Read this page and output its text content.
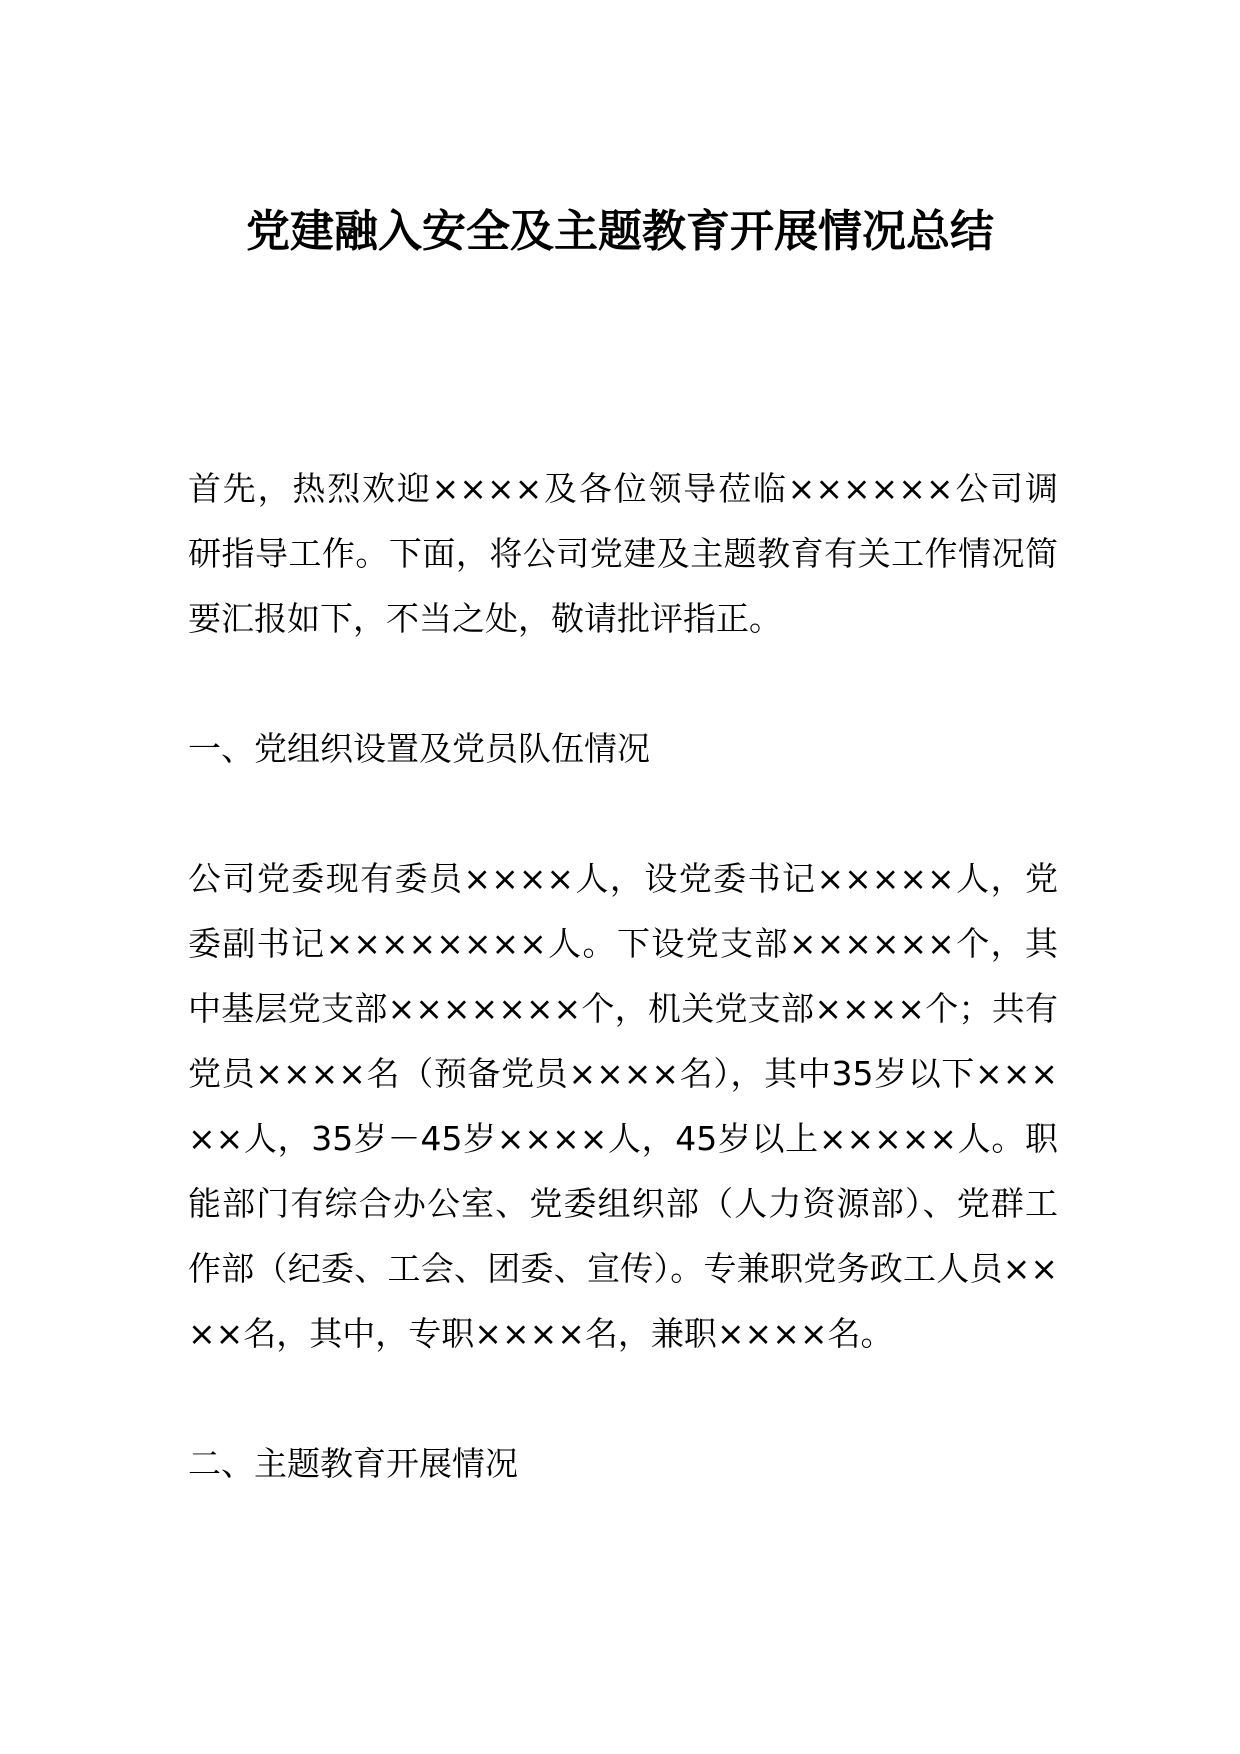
党建融入安全及主题教育开展情况总结

首先，热烈欢迎××××及各位领导莅临××××××公司调研指导工作。下面，将公司党建及主题教育有关工作情况简要汇报如下，不当之处，敬请批评指正。

一、党组织设置及党员队伍情况

公司党委现有委员××××人，设党委书记×××××人，党委副书记××××××××人。下设党支部××××××个，其中基层党支部×××××××个，机关党支部××××个；共有党员××××名（预备党员××××名），其中35岁以下×××××人，35岁－45岁××××人，45岁以上×××××人。职能部门有综合办公室、党委组织部（人力资源部）、党群工作部（纪委、工会、团委、宣传）。专兼职党务政工人员××××名，其中，专职××××名，兼职××××名。

二、主题教育开展情况
